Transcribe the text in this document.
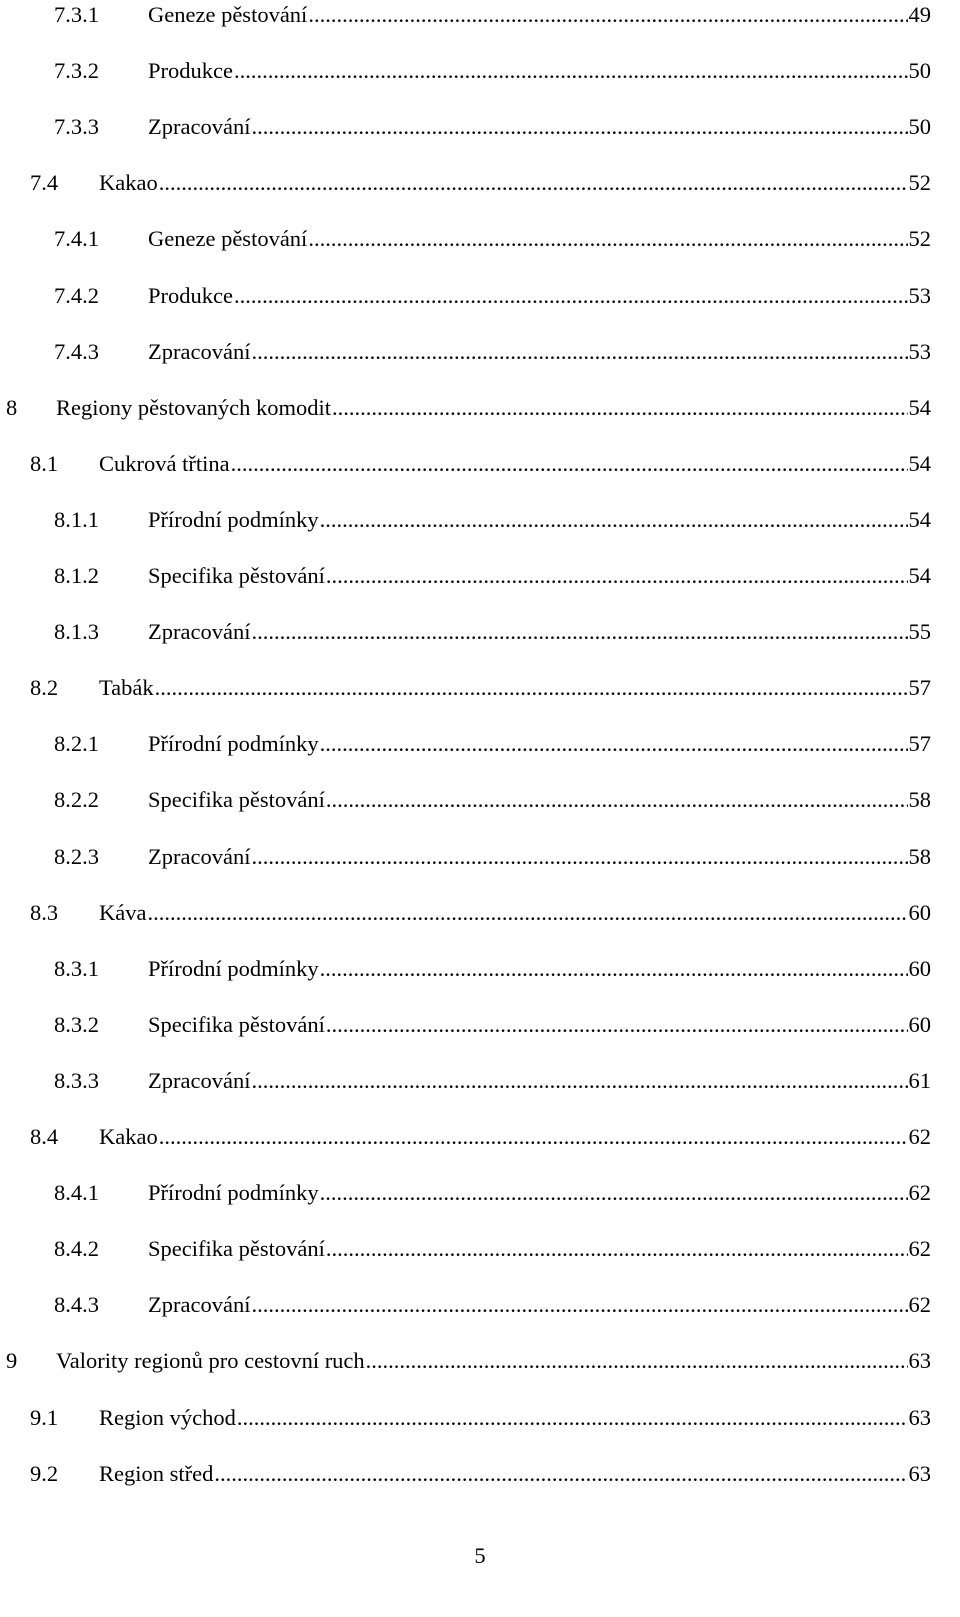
7.3.1 Geneze pěstování .....	49
7.3.2 Produkce .....	50
7.3.3 Zpracování .....	50
7.4 Kakao .....	52
7.4.1 Geneze pěstování .....	52
7.4.2 Produkce .....	53
7.4.3 Zpracování .....	53
8 Regiony pěstovaných komodit .....	54
8.1 Cukrová třtina .....	54
8.1.1 Přírodní podmínky .....	54
8.1.2 Specifika pěstování .....	54
8.1.3 Zpracování .....	55
8.2 Tabák .....	57
8.2.1 Přírodní podmínky .....	57
8.2.2 Specifika pěstování .....	58
8.2.3 Zpracování .....	58
8.3 Káva .....	60
8.3.1 Přírodní podmínky .....	60
8.3.2 Specifika pěstování .....	60
8.3.3 Zpracování .....	61
8.4 Kakao .....	62
8.4.1 Přírodní podmínky .....	62
8.4.2 Specifika pěstování .....	62
8.4.3 Zpracování .....	62
9 Valority regionů pro cestovní ruch .....	63
9.1 Region východ .....	63
9.2 Region střed .....	63
5
